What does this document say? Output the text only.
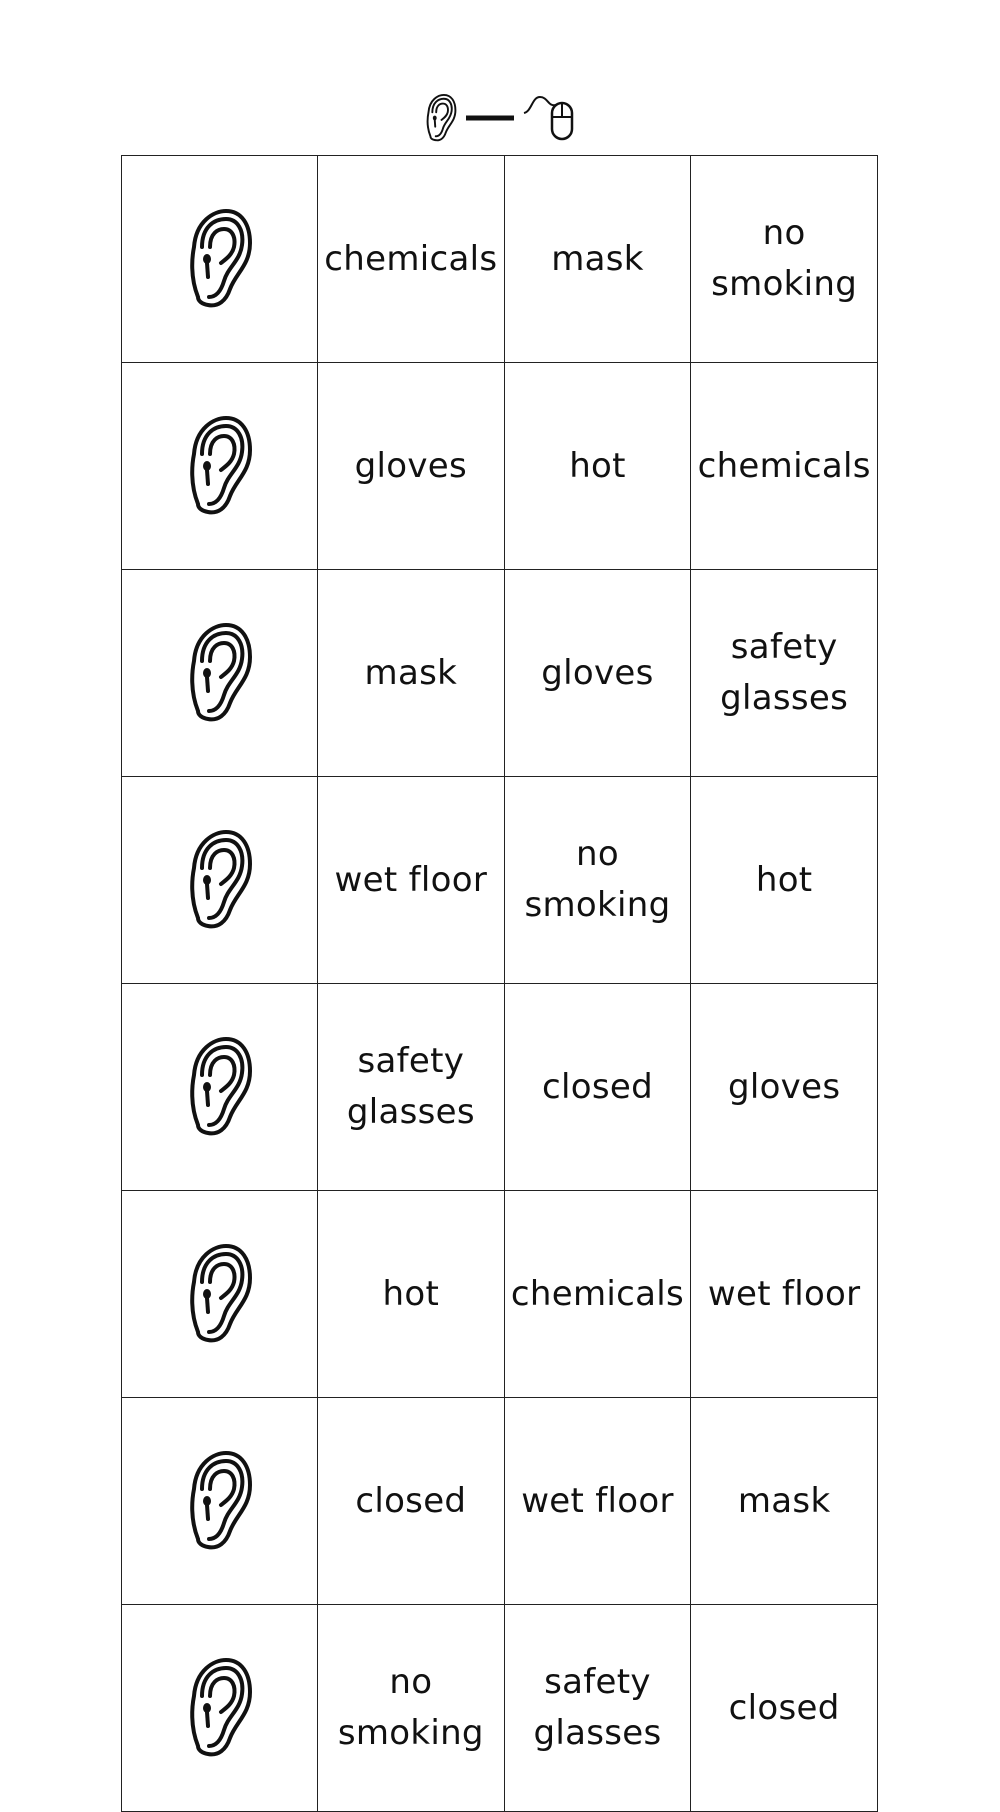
	chemicals	mask	no
smoking

	gloves	hot	chemicals

	mask	gloves	safety
glasses

	wet floor	no
smoking	hot

	safety
glasses	closed	gloves

	hot	chemicals	wet floor

	closed	wet floor	mask

	no
smoking	safety
glasses	closed
